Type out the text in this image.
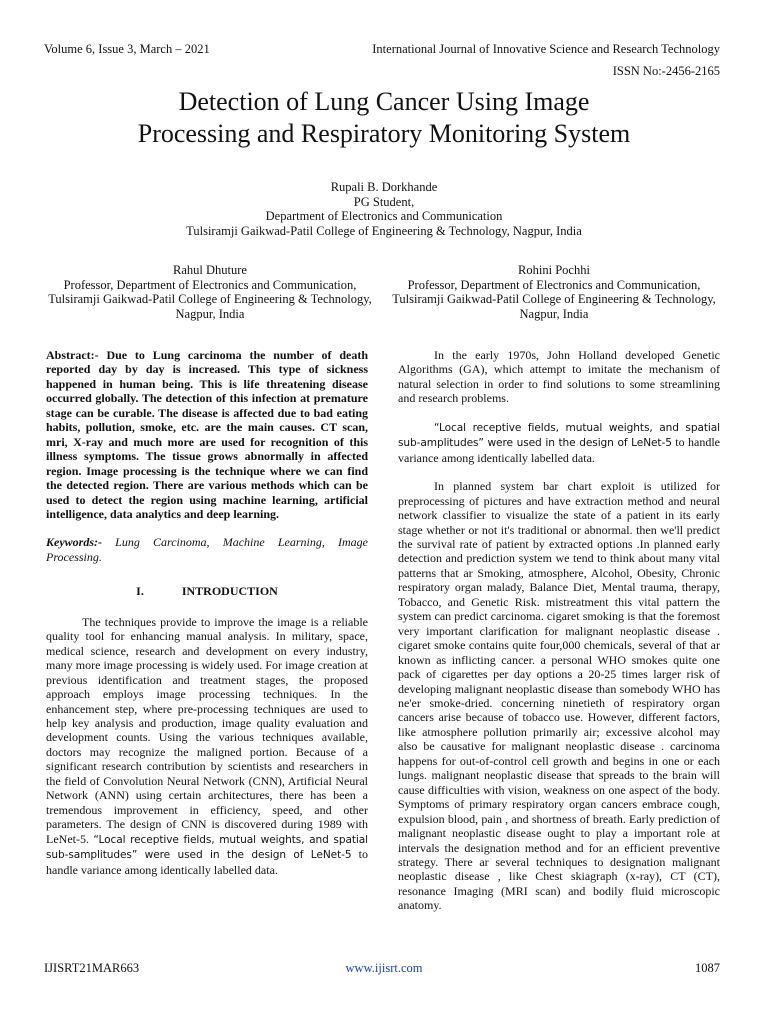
Volume 6, Issue 3, March – 2021	International Journal of Innovative Science and Research Technology
ISSN No:-2456-2165
Detection of Lung Cancer Using Image
Processing and Respiratory Monitoring System
Rupali B. Dorkhande
PG Student,
Department of Electronics and Communication
Tulsiramji Gaikwad-Patil College of Engineering & Technology, Nagpur, India
Rahul Dhuture
Professor, Department of Electronics and Communication,
Tulsiramji Gaikwad-Patil College of Engineering & Technology,
Nagpur, India
Rohini Pochhi
Professor, Department of Electronics and Communication,
Tulsiramji Gaikwad-Patil College of Engineering & Technology,
Nagpur, India

Abstract:- Due to Lung carcinoma the number of death reported day by day is increased. This type of sickness happened in human being. This is life threatening disease occurred globally. The detection of this infection at premature stage can be curable. The disease is affected due to bad eating habits, pollution, smoke, etc. are the main causes. CT scan, mri, X-ray and much more are used for recognition of this illness symptoms. The tissue grows abnormally in affected region. Image processing is the technique where we can find the detected region. There are various methods which can be used to detect the region using machine learning, artificial intelligence, data analytics and deep learning.

Keywords:- Lung Carcinoma, Machine Learning, Image Processing.

I.	INTRODUCTION

The techniques provide to improve the image is a reliable quality tool for enhancing manual analysis. In military, space, medical science, research and development on every industry, many more image processing is widely used. For image creation at previous identification and treatment stages, the proposed approach employs image processing techniques. In the enhancement step, where pre-processing techniques are used to help key analysis and production, image quality evaluation and development counts. Using the various techniques available, doctors may recognize the maligned portion. Because of a significant research contribution by scientists and researchers in the field of Convolution Neural Network (CNN), Artificial Neural Network (ANN) using certain architectures, there has been a tremendous improvement in efficiency, speed, and other parameters. The design of CNN is discovered during 1989 with LeNet-5. “Local receptive fields, mutual weights, and spatial sub-samplitudes” were used in the design of LeNet-5 to handle variance among identically labelled data.

In the early 1970s, John Holland developed Genetic Algorithms (GA), which attempt to imitate the mechanism of natural selection in order to find solutions to some streamlining and research problems.

“Local receptive fields, mutual weights, and spatial sub-amplitudes” were used in the design of LeNet-5 to handle variance among identically labelled data.

In planned system bar chart exploit is utilized for preprocessing of pictures and have extraction method and neural network classifier to visualize the state of a patient in its early stage whether or not it's traditional or abnormal. then we'll predict the survival rate of patient by extracted options .In planned early detection and prediction system we tend to think about many vital patterns that ar Smoking, atmosphere, Alcohol, Obesity, Chronic respiratory organ malady, Balance Diet, Mental trauma, therapy, Tobacco, and Genetic Risk. mistreatment this vital pattern the system can predict carcinoma. cigaret smoking is that the foremost very important clarification for malignant neoplastic disease . cigaret smoke contains quite four,000 chemicals, several of that ar known as inflicting cancer. a personal WHO smokes quite one pack of cigarettes per day options a 20-25 times larger risk of developing malignant neoplastic disease than somebody WHO has ne'er smoke-dried. concerning ninetieth of respiratory organ cancers arise because of tobacco use. However, different factors, like atmosphere pollution primarily air; excessive alcohol may also be causative for malignant neoplastic disease . carcinoma happens for out-of-control cell growth and begins in one or each lungs. malignant neoplastic disease that spreads to the brain will cause difficulties with vision, weakness on one aspect of the body. Symptoms of primary respiratory organ cancers embrace cough, expulsion blood, pain , and shortness of breath. Early prediction of malignant neoplastic disease ought to play a important role at intervals the designation method and for an efficient preventive strategy. There ar several techniques to designation malignant neoplastic disease , like Chest skiagraph (x-ray), CT (CT), resonance Imaging (MRI scan) and bodily fluid microscopic anatomy.

IJISRT21MAR663	www.ijisrt.com	1087
